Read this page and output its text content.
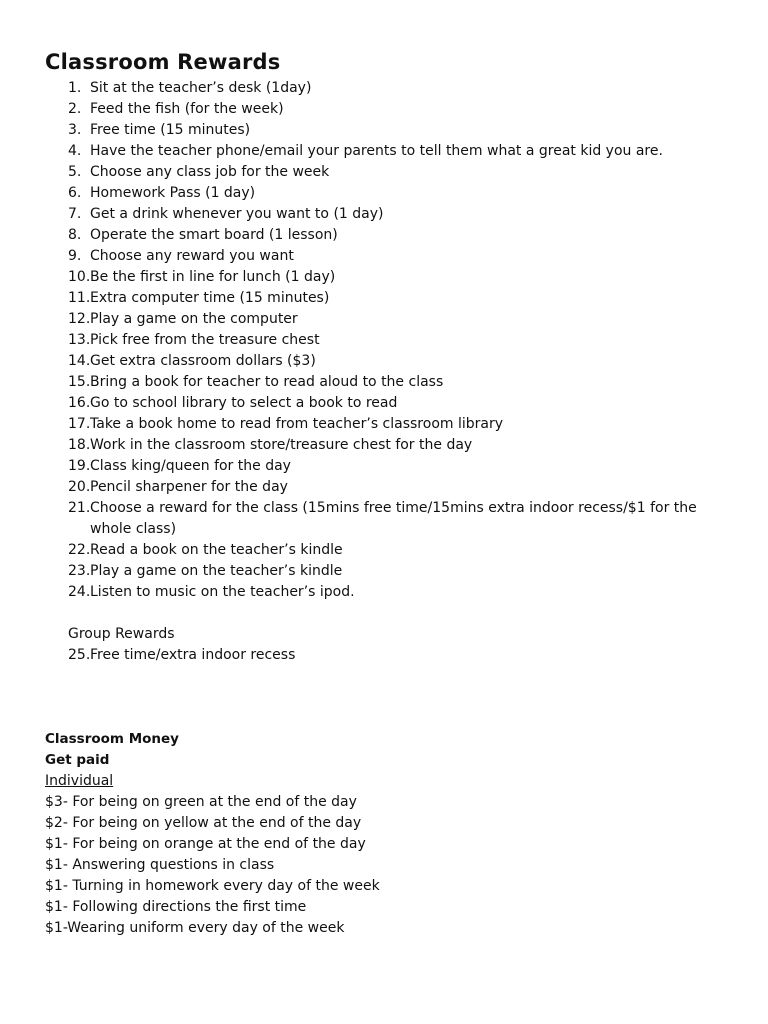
Classroom Rewards
1. Sit at the teacher’s desk (1day)
2. Feed the fish (for the week)
3. Free time (15 minutes)
4. Have the teacher phone/email your parents to tell them what a great kid you are.
5. Choose any class job for the week
6. Homework Pass (1 day)
7. Get a drink whenever you want to (1 day)
8. Operate the smart board (1 lesson)
9. Choose any reward you want
10. Be the first in line for lunch (1 day)
11. Extra computer time (15 minutes)
12. Play a game on the computer
13. Pick free from the treasure chest
14. Get extra classroom dollars ($3)
15. Bring a book for teacher to read aloud to the class
16. Go to school library to select a book to read
17. Take a book home to read from teacher’s classroom library
18. Work in the classroom store/treasure chest for the day
19. Class king/queen for the day
20. Pencil sharpener for the day
21. Choose a reward for the class (15mins free time/15mins extra indoor recess/$1 for the whole class)
22. Read a book on the teacher’s kindle
23. Play a game on the teacher’s kindle
24. Listen to music on the teacher’s ipod.
Group Rewards
25. Free time/extra indoor recess
Classroom Money
Get paid
Individual
$3- For being on green at the end of the day
$2- For being on yellow at the end of the day
$1- For being on orange at the end of the day
$1- Answering questions in class
$1- Turning in homework every day of the week
$1- Following directions the first time
$1-Wearing uniform every day of the week
